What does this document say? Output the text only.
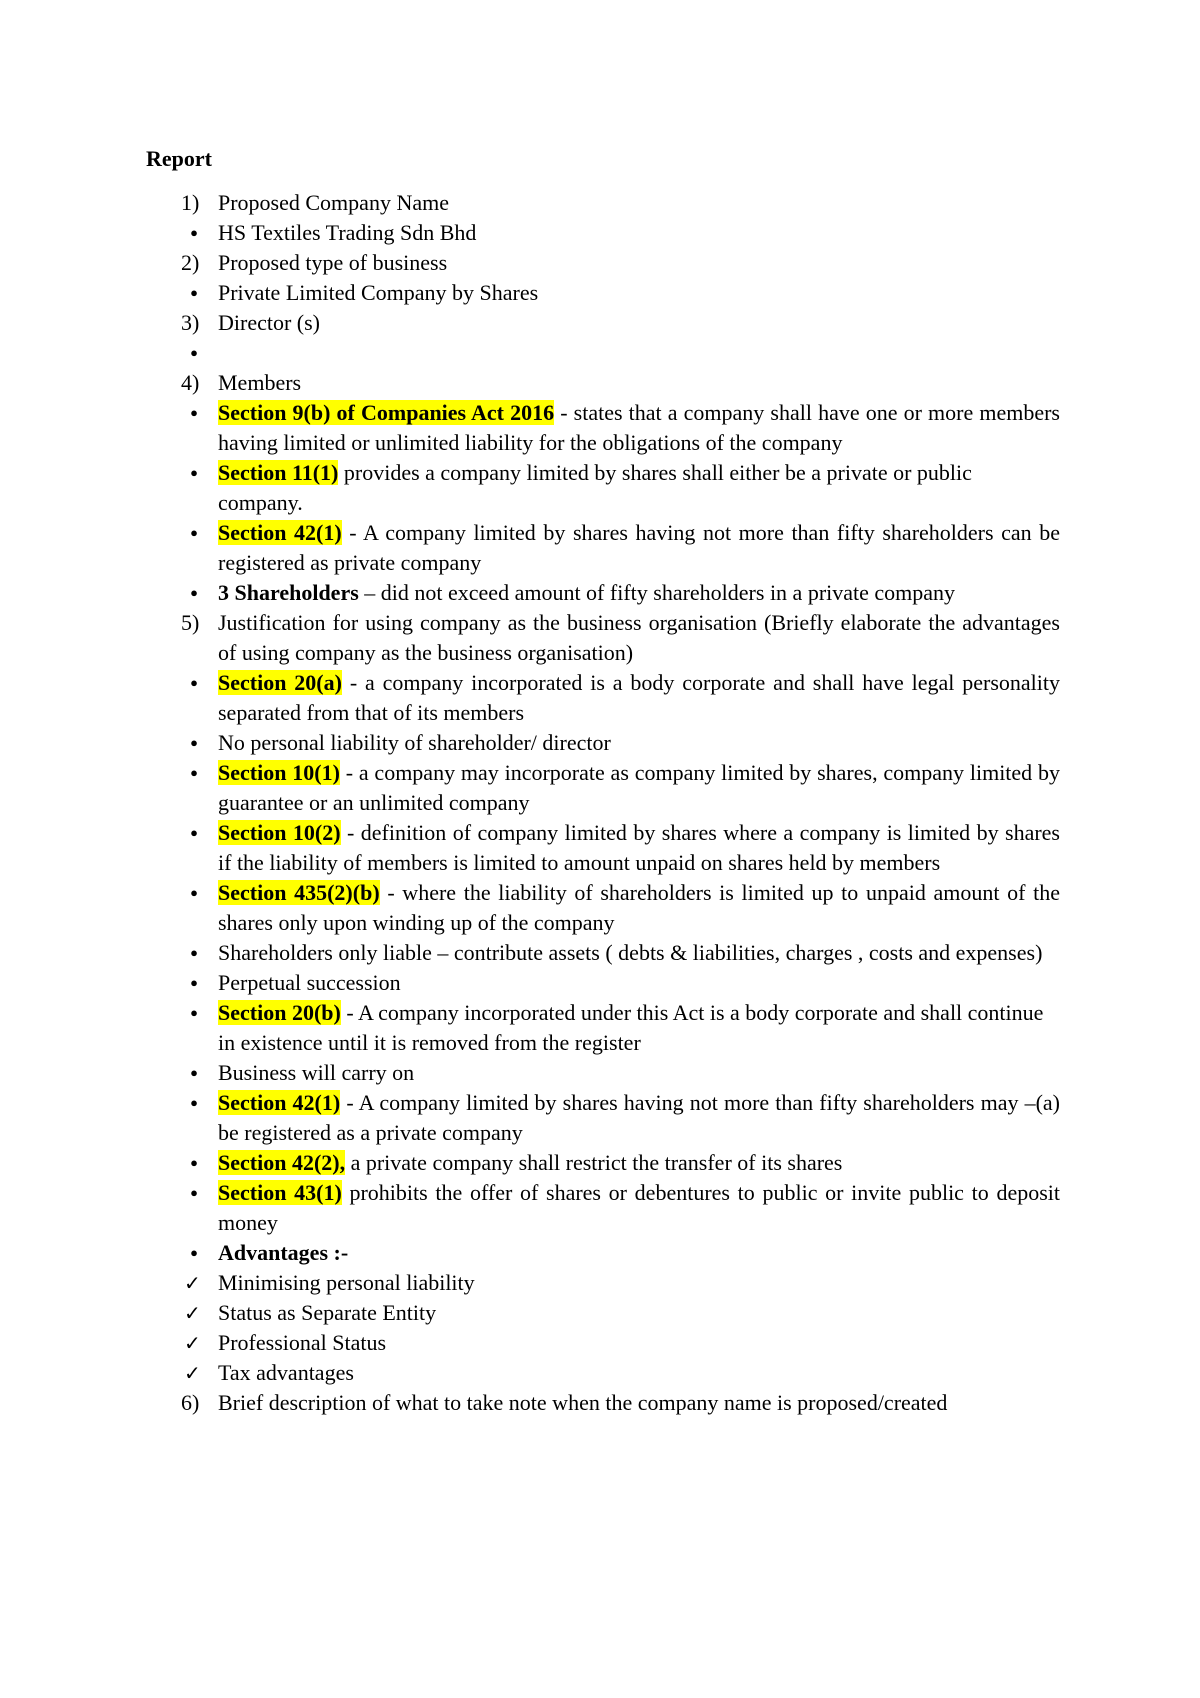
Report
1) Proposed Company Name
●
HS Textiles Trading Sdn Bhd
2) Proposed type of business
●
Private Limited Company by Shares
3) Director (s)
●
4) Members
●
Section 9(b) of Companies Act 2016 - states that a company shall have one or more members having limited or unlimited liability for the obligations of the company
●
Section 11(1) provides a company limited by shares shall either be a private or public company.
●
Section 42(1) - A company limited by shares having not more than fifty shareholders can be registered as private company
●
3 Shareholders – did not exceed amount of fifty shareholders in a private company
5) Justification for using company as the business organisation (Briefly elaborate the advantages of using company as the business organisation)
●
Section 20(a) - a company incorporated is a body corporate and shall have legal personality separated from that of its members
●
No personal liability of shareholder/ director
●
Section 10(1) - a company may incorporate as company limited by shares, company limited by guarantee or an unlimited company
●
Section 10(2) - definition of company limited by shares where a company is limited by shares if the liability of members is limited to amount unpaid on shares held by members
●
Section 435(2)(b) - where the liability of shareholders is limited up to unpaid amount of the shares only upon winding up of the company
●
Shareholders only liable – contribute assets ( debts & liabilities, charges , costs and expenses)
●
Perpetual succession
●
Section 20(b) - A company incorporated under this Act is a body corporate and shall continue in existence until it is removed from the register
●
Business will carry on
●
Section 42(1) - A company limited by shares having not more than fifty shareholders may –(a) be registered as a private company
●
Section 42(2), a private company shall restrict the transfer of its shares
●
Section 43(1) prohibits the offer of shares or debentures to public or invite public to deposit money
●
Advantages :-
✓ Minimising personal liability
✓ Status as Separate Entity
✓ Professional Status
✓ Tax advantages
6) Brief description of what to take note when the company name is proposed/created
